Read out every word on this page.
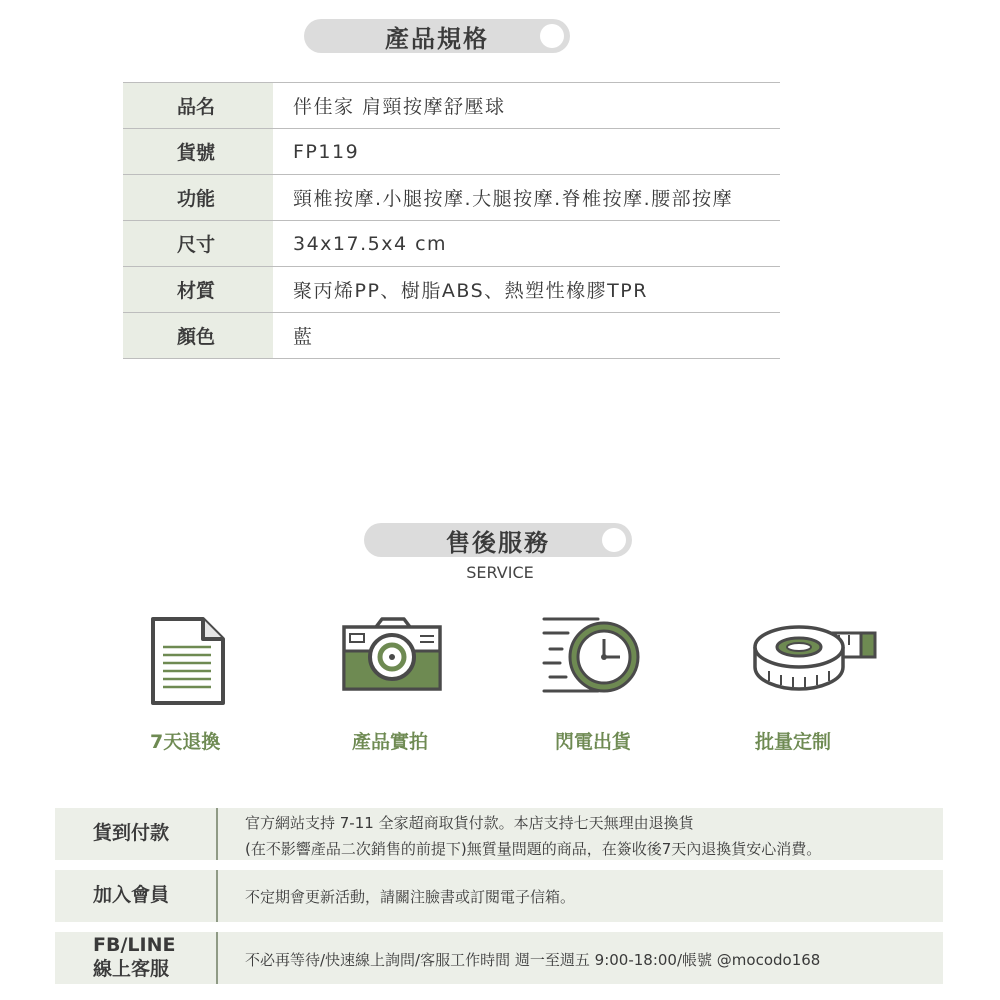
產品規格
品名	伴佳家 肩頸按摩舒壓球
貨號	FP119
功能	頸椎按摩.小腿按摩.大腿按摩.脊椎按摩.腰部按摩
尺寸	34x17.5x4 cm
材質	聚丙烯PP、樹脂ABS、熱塑性橡膠TPR
顏色	藍
售後服務
SERVICE
7天退換	產品實拍	閃電出貨	批量定制
貨到付款	官方網站支持 7-11 全家超商取貨付款。本店支持七天無理由退換貨
(在不影響產品二次銷售的前提下)無質量問題的商品，在簽收後7天內退換貨安心消費。
加入會員	不定期會更新活動，請關注臉書或訂閱電子信箱。
FB/LINE
線上客服	不必再等待/快速線上詢問/客服工作時間 週一至週五 9:00-18:00/帳號 @mocodo168
